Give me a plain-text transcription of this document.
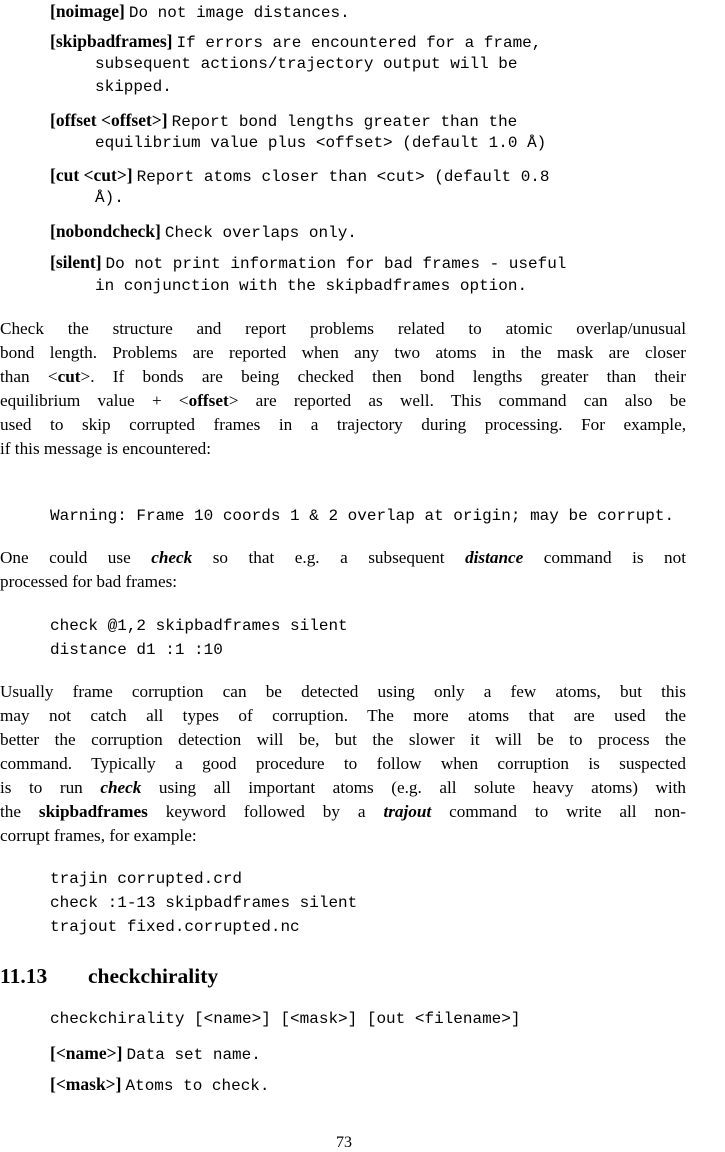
[noimage] Do not image distances.
[skipbadframes] If errors are encountered for a frame,
subsequent actions/trajectory output will be
skipped.
[offset <offset>] Report bond lengths greater than the
equilibrium value plus <offset> (default 1.0 Å)
[cut <cut>] Report atoms closer than <cut> (default 0.8
Å).
[nobondcheck] Check overlaps only.
[silent] Do not print information for bad frames - useful
in conjunction with the skipbadframes option.
Check the structure and report problems related to atomic overlap/unusual
bond length. Problems are reported when any two atoms in the mask are closer
than <cut>. If bonds are being checked then bond lengths greater than their
equilibrium value + <offset> are reported as well. This command can also be
used to skip corrupted frames in a trajectory during processing. For example,
if this message is encountered:
Warning: Frame 10 coords 1 & 2 overlap at origin; may be corrupt.
One could use check so that e.g. a subsequent distance command is not
processed for bad frames:
check @1,2 skipbadframes silent
distance d1 :1 :10
Usually frame corruption can be detected using only a few atoms, but this
may not catch all types of corruption. The more atoms that are used the
better the corruption detection will be, but the slower it will be to process the
command. Typically a good procedure to follow when corruption is suspected
is to run check using all important atoms (e.g. all solute heavy atoms) with
the skipbadframes keyword followed by a trajout command to write all non-
corrupt frames, for example:
trajin corrupted.crd
check :1-13 skipbadframes silent
trajout fixed.corrupted.nc
11.13 checkchirality
checkchirality [<name>] [<mask>] [out <filename>]
[<name>] Data set name.
[<mask>] Atoms to check.
73
